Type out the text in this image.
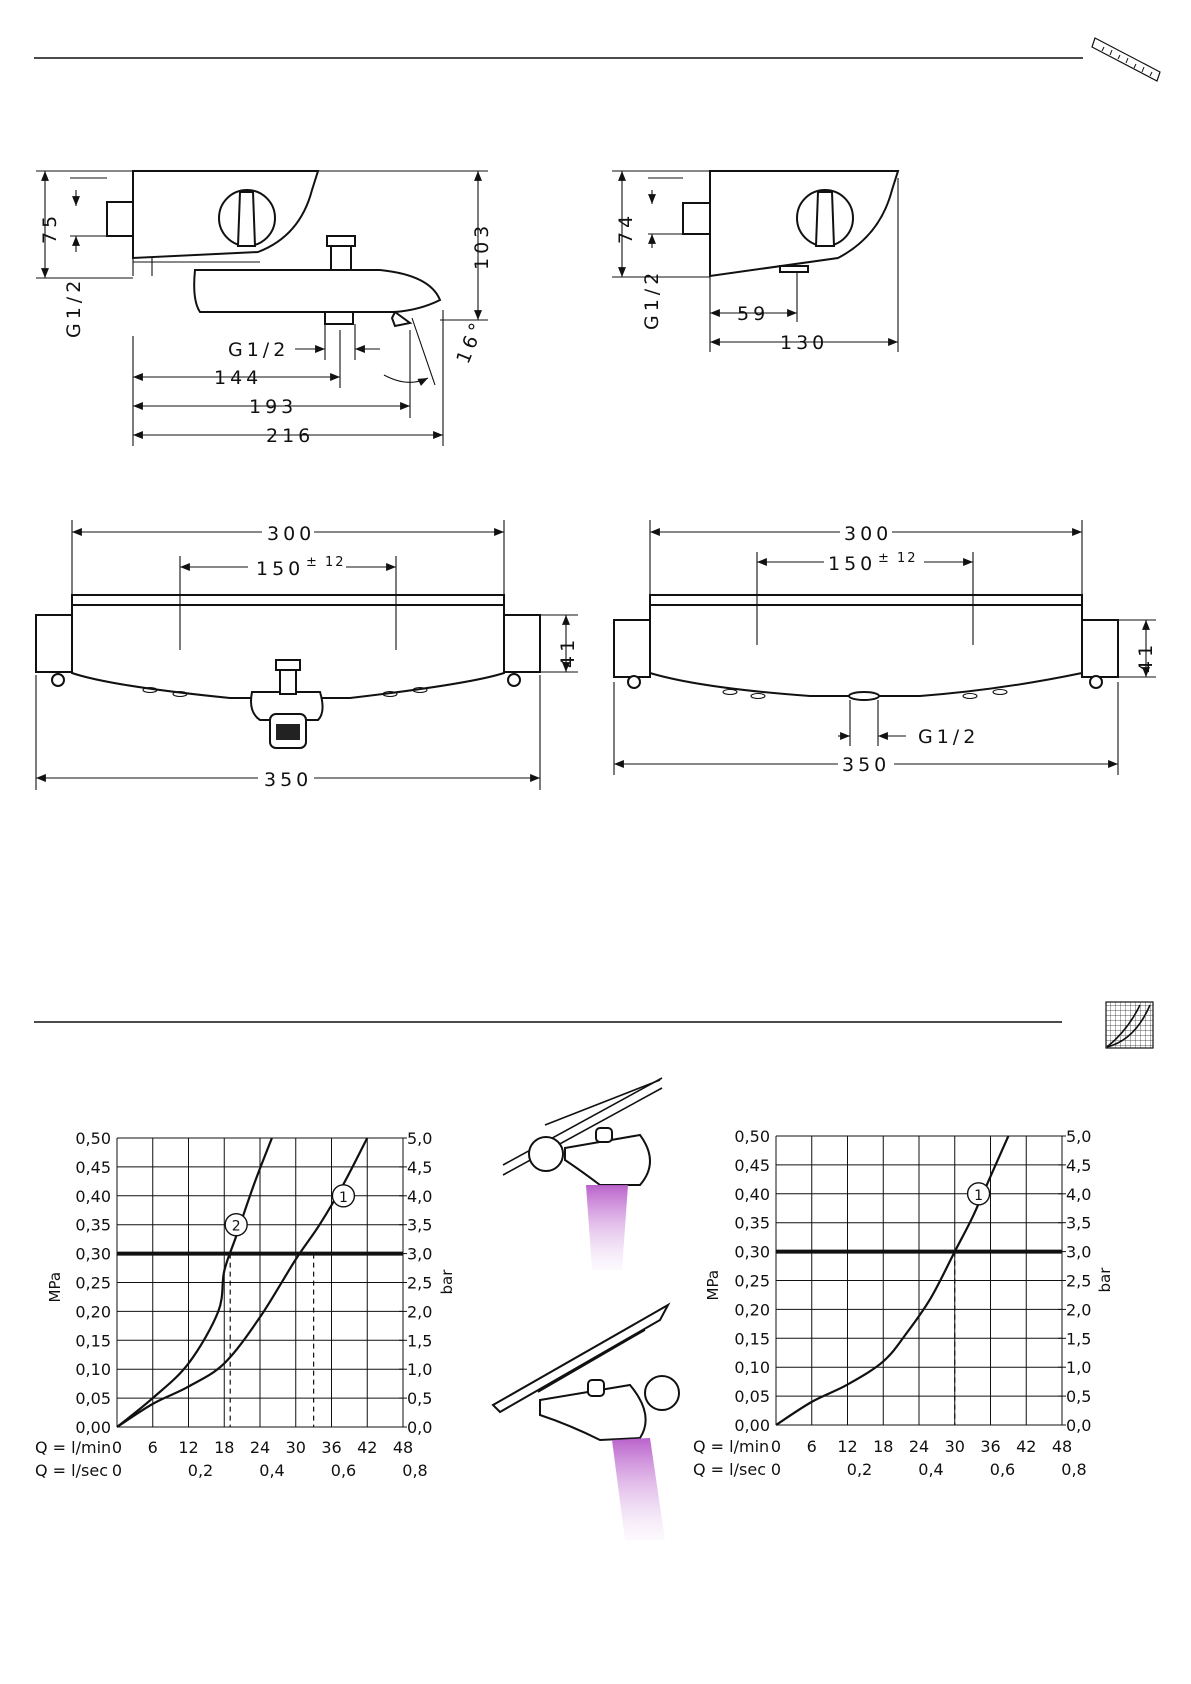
75
G1/2
103
G1/2	16°
144
193
216
74
G1/2	59
130
300
150 ± 12
41
350
300
150 ± 12
41
G1/2
350
0 6 12 18 24 30 36 42 48
0,00	0,0
0,05	0,5
0,10	1,0
0,15	1,5
0,20	2,0
0,25	2,5
0,30	3,0
0,35	3,5
0,40	4,0
0,45	4,5
0,50	5,0
MPa	bar
Q = l/min
Q = l/sec 0	0,2	0,4	0,6	0,8
1
2
0 6 12 18 24 30 36 42 48
0,00	0,0
0,05	0,5
0,10	1,0
0,15	1,5
0,20	2,0
0,25	2,5
0,30	3,0
0,35	3,5
0,40	4,0
0,45	4,5
0,50	5,0
MPa	bar
Q = l/min
Q = l/sec 0	0,2	0,4	0,6	0,8
1
